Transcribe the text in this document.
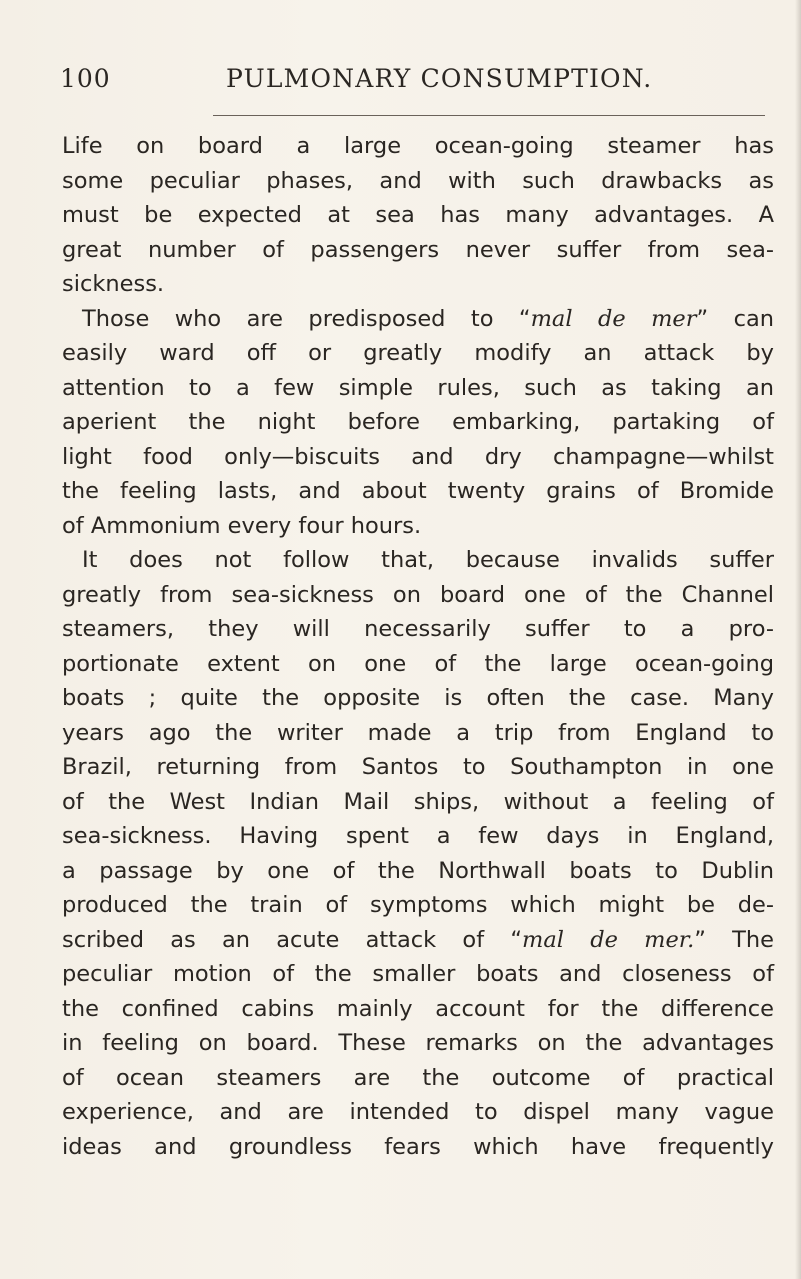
100	PULMONARY CONSUMPTION.
Life on board a large ocean-going steamer has
some peculiar phases, and with such drawbacks as
must be expected at sea has many advantages. A
great number of passengers never suffer from sea-
sickness.
Those who are predisposed to “mal de mer” can
easily ward off or greatly modify an attack by
attention to a few simple rules, such as taking an
aperient the night before embarking, partaking of
light food only—biscuits and dry champagne—whilst
the feeling lasts, and about twenty grains of Bromide
of Ammonium every four hours.
It does not follow that, because invalids suffer
greatly from sea-sickness on board one of the Channel
steamers, they will necessarily suffer to a pro-
portionate extent on one of the large ocean-going
boats ; quite the opposite is often the case. Many
years ago the writer made a trip from England to
Brazil, returning from Santos to Southampton in one
of the West Indian Mail ships, without a feeling of
sea-sickness. Having spent a few days in England,
a passage by one of the Northwall boats to Dublin
produced the train of symptoms which might be de-
scribed as an acute attack of “mal de mer.” The
peculiar motion of the smaller boats and closeness of
the confined cabins mainly account for the difference
in feeling on board. These remarks on the advantages
of ocean steamers are the outcome of practical
experience, and are intended to dispel many vague
ideas and groundless fears which have frequently
